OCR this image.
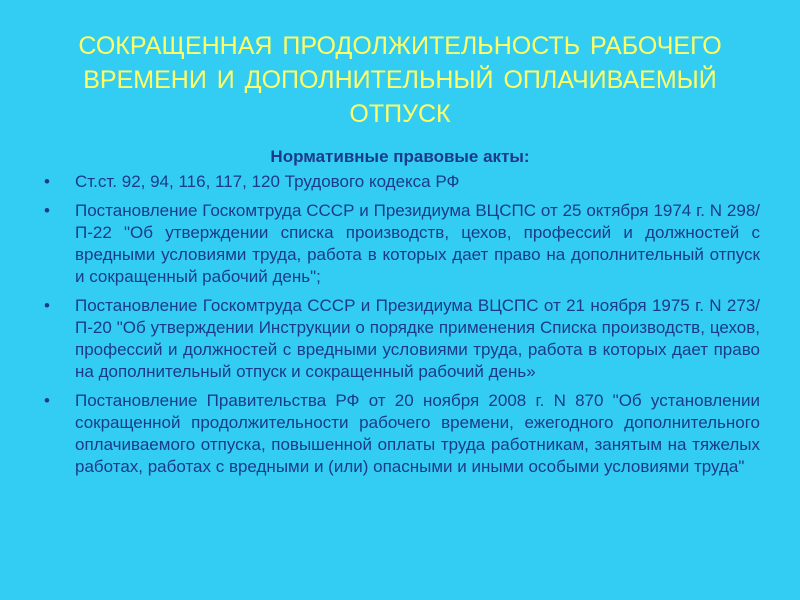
СОКРАЩЕННАЯ ПРОДОЛЖИТЕЛЬНОСТЬ РАБОЧЕГО ВРЕМЕНИ И ДОПОЛНИТЕЛЬНЫЙ ОПЛАЧИВАЕМЫЙ ОТПУСК
Нормативные правовые акты:
• Ст.ст. 92, 94, 116, 117, 120 Трудового кодекса РФ
• Постановление Госкомтруда СССР и Президиума ВЦСПС от 25 октября 1974 г. N 298/П-22 "Об утверждении списка производств, цехов, профессий и должностей с вредными условиями труда, работа в которых дает право на дополнительный отпуск и сокращенный рабочий день";
• Постановление Госкомтруда СССР и Президиума ВЦСПС от 21 ноября 1975 г. N 273/П-20 "Об утверждении Инструкции о порядке применения Списка производств, цехов, профессий и должностей с вредными условиями труда, работа в которых дает право на дополнительный отпуск и сокращенный рабочий день»
• Постановление Правительства РФ от 20 ноября 2008 г. N 870 "Об установлении сокращенной продолжительности рабочего времени, ежегодного дополнительного оплачиваемого отпуска, повышенной оплаты труда работникам, занятым на тяжелых работах, работах с вредными и (или) опасными и иными особыми условиями труда"
